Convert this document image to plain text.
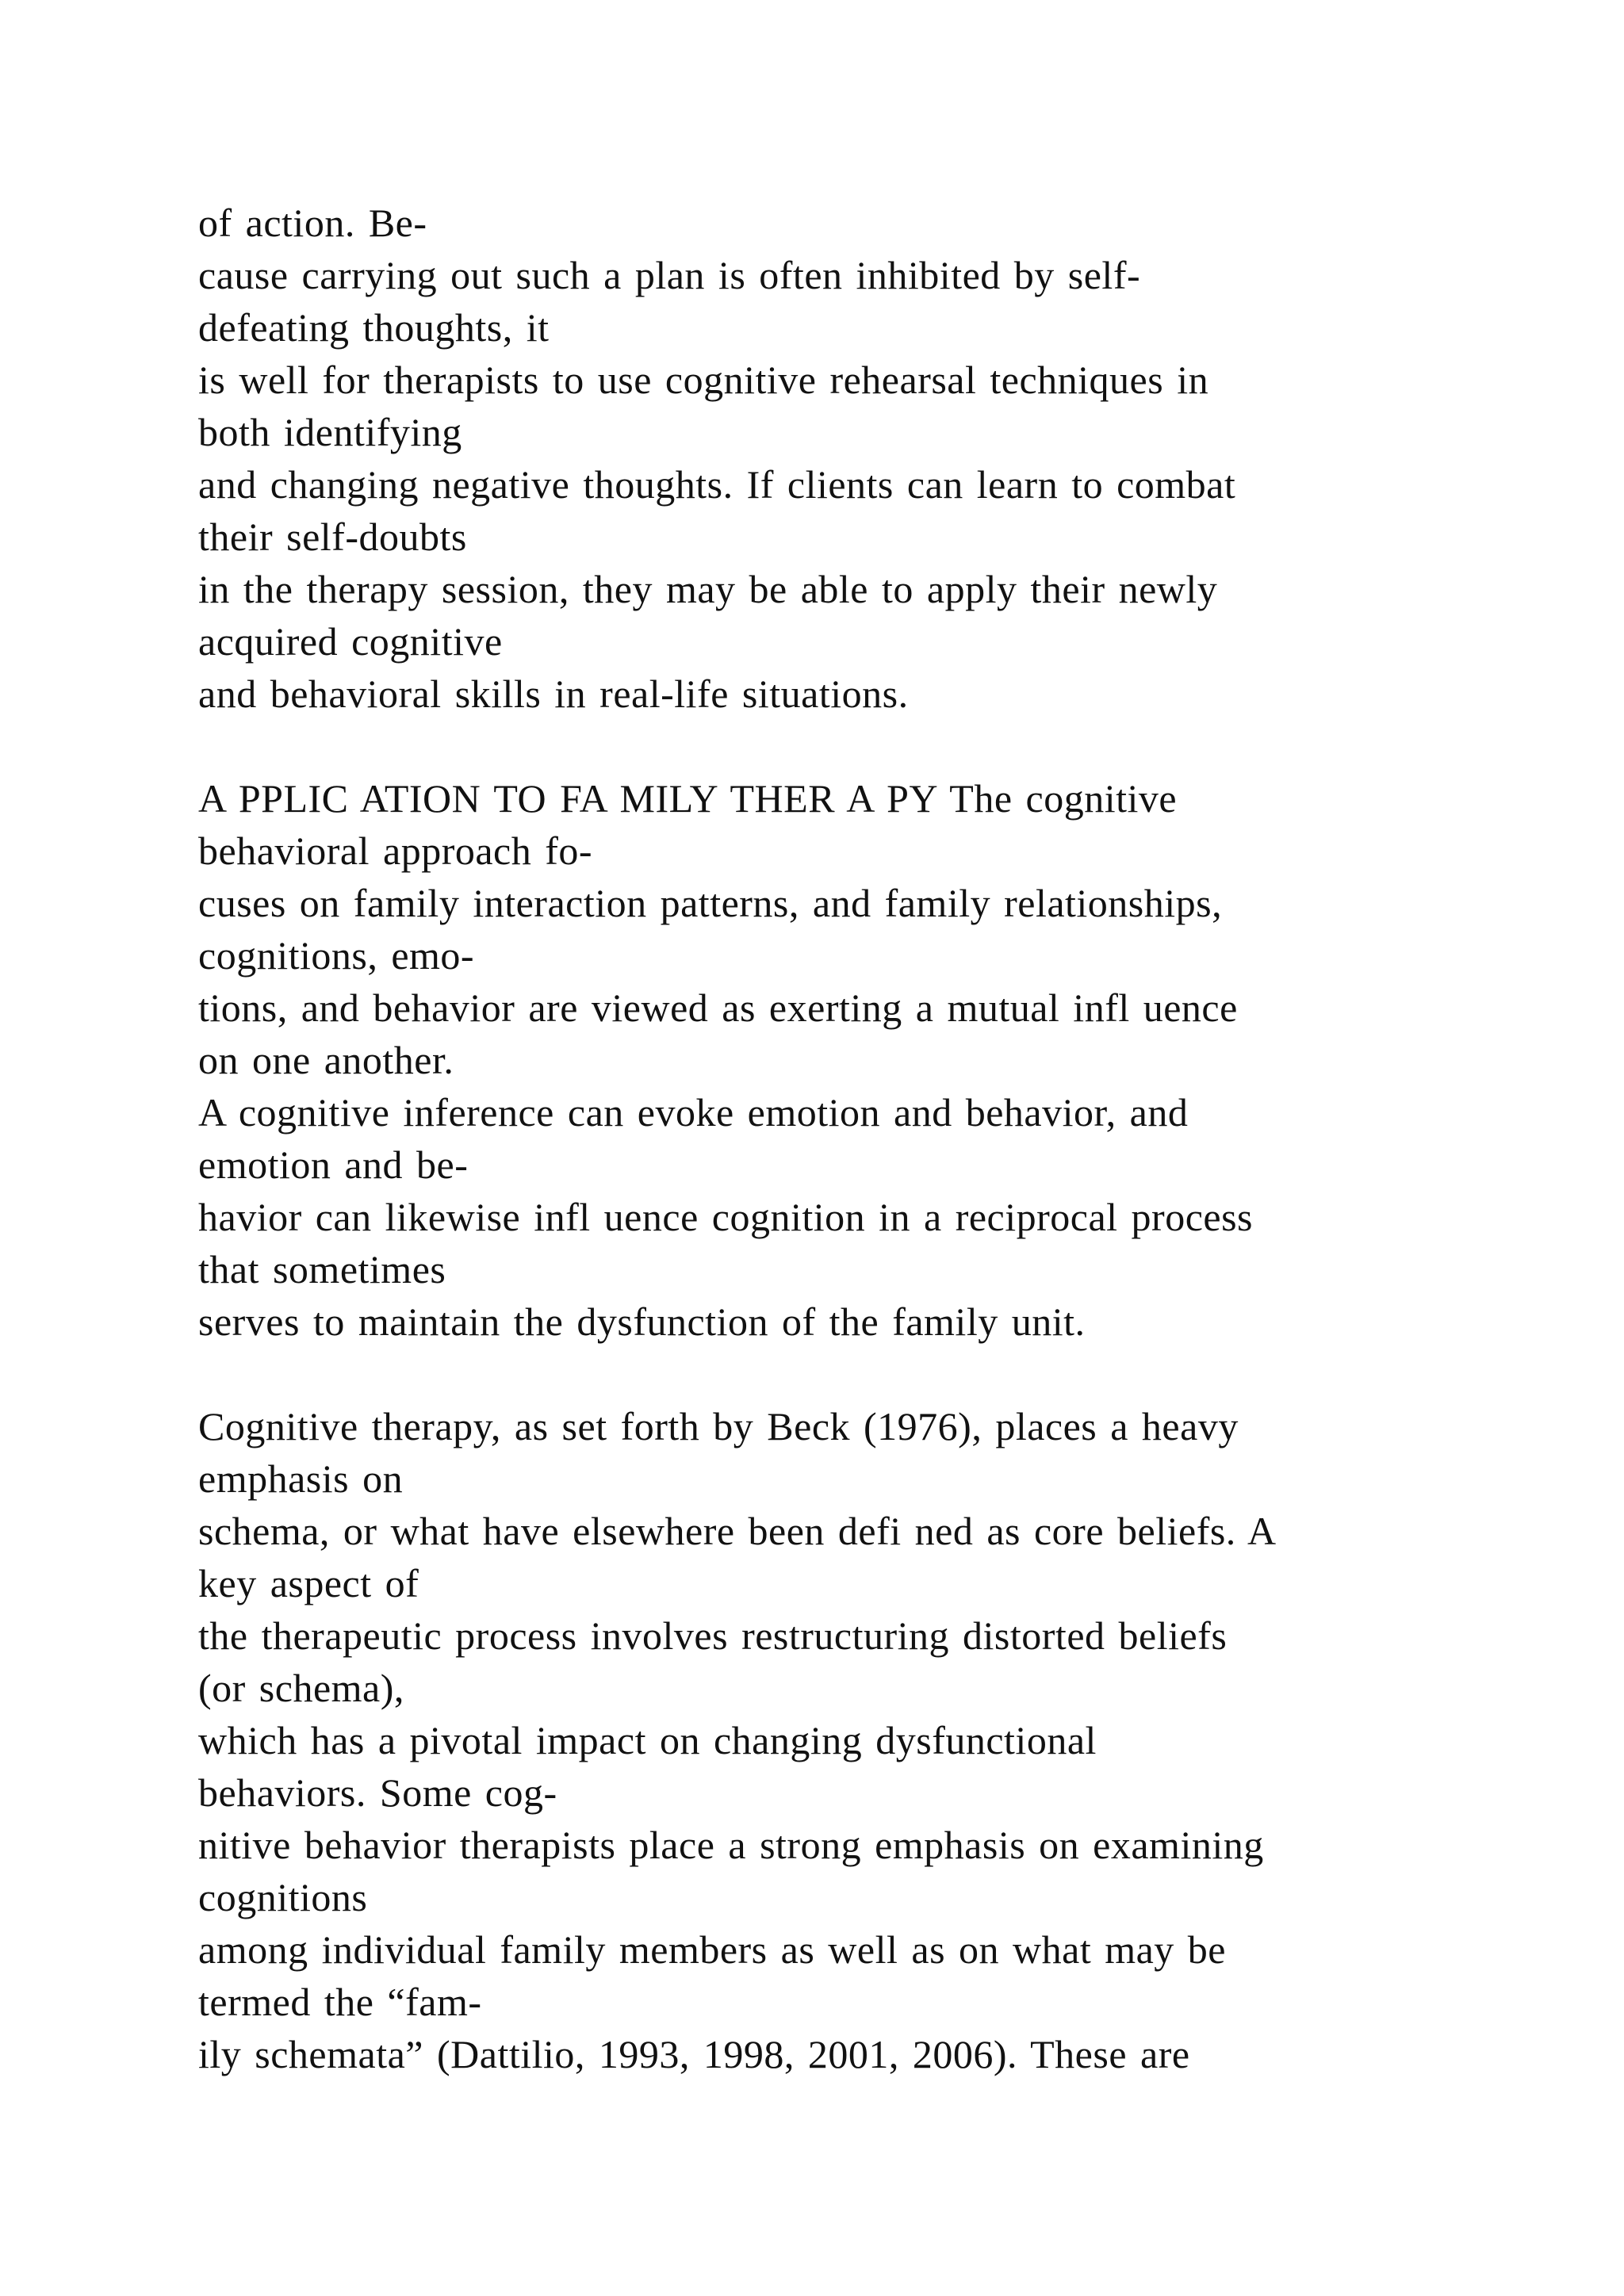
of action. Be-
cause carrying out such a plan is often inhibited by self-
defeating thoughts, it
is well for therapists to use cognitive rehearsal techniques in
both identifying
and changing negative thoughts. If clients can learn to combat
their self-doubts
in the therapy session, they may be able to apply their newly
acquired cognitive
and behavioral skills in real-life situations.
A PPLIC ATION TO FA MILY THER A PY The cognitive
behavioral approach fo-
cuses on family interaction patterns, and family relationships,
cognitions, emo-
tions, and behavior are viewed as exerting a mutual infl uence
on one another.
A cognitive inference can evoke emotion and behavior, and
emotion and be-
havior can likewise infl uence cognition in a reciprocal process
that sometimes
serves to maintain the dysfunction of the family unit.
Cognitive therapy, as set forth by Beck (1976), places a heavy
emphasis on
schema, or what have elsewhere been defi ned as core beliefs. A
key aspect of
the therapeutic process involves restructuring distorted beliefs
(or schema),
which has a pivotal impact on changing dysfunctional
behaviors. Some cog-
nitive behavior therapists place a strong emphasis on examining
cognitions
among individual family members as well as on what may be
termed the “fam-
ily schemata” (Dattilio, 1993, 1998, 2001, 2006). These are
